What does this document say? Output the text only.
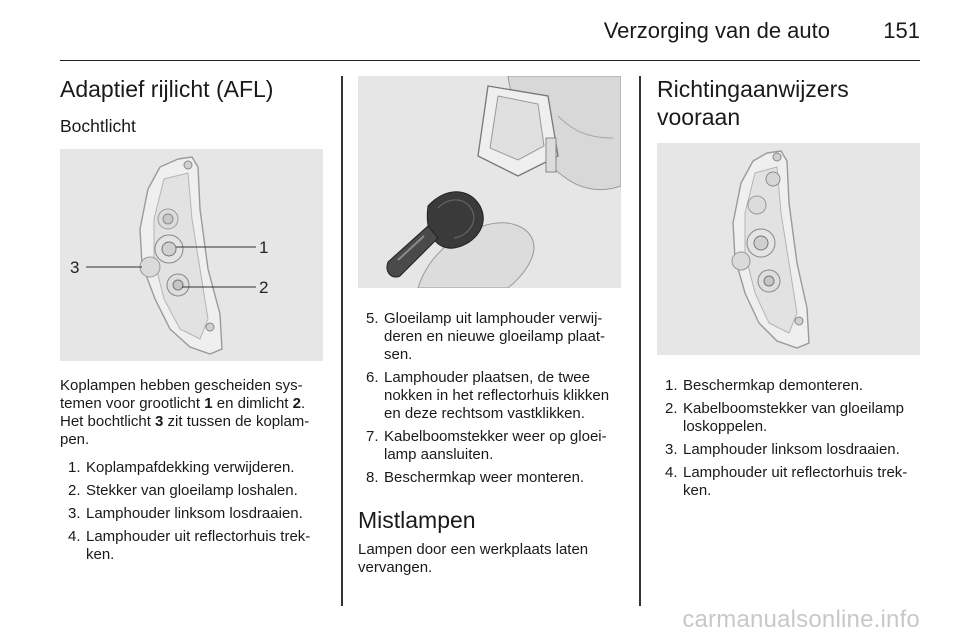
Verzorging van de auto 151
Adaptief rijlicht (AFL)
Bochtlicht
1
2
3

Koplampen hebben gescheiden sys-temen voor grootlicht 1 en dimlicht 2. Het bochtlicht 3 zit tussen de koplam-pen.

1. Koplampafdekking verwijderen.
2. Stekker van gloeilamp loshalen.
3. Lamphouder linksom losdraaien.
4. Lamphouder uit reflectorhuis trek-ken.
5. Gloeilamp uit lamphouder verwij-deren en nieuwe gloeilamp plaat-sen.
6. Lamphouder plaatsen, de twee nokken in het reflectorhuis klikken en deze rechtsom vastklikken.
7. Kabelboomstekker weer op gloei-lamp aansluiten.
8. Beschermkap weer monteren.
Mistlampen

Lampen door een werkplaats laten vervangen.

Richtingaanwijzers
vooraan
1. Beschermkap demonteren.
2. Kabelboomstekker van gloeilamp loskoppelen.
3. Lamphouder linksom losdraaien.
4. Lamphouder uit reflectorhuis trek-ken.
carmanualsonline.info
